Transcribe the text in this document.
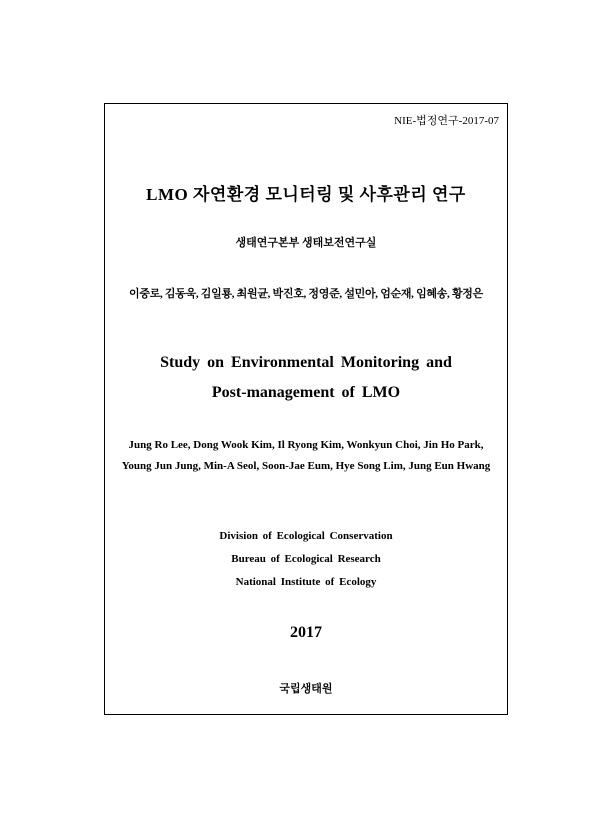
NIE-법정연구-2017-07
LMO 자연환경 모니터링 및 사후관리 연구
생태연구본부 생태보전연구실
이중로, 김동욱, 김일룡, 최원균, 박진호, 정영준, 설민아, 엄순재, 임혜송, 황정은
Study on Environmental Monitoring and
Post-management of LMO
Jung Ro Lee, Dong Wook Kim, Il Ryong Kim, Wonkyun Choi, Jin Ho Park,
Young Jun Jung, Min-A Seol, Soon-Jae Eum, Hye Song Lim, Jung Eun Hwang
Division of Ecological Conservation
Bureau of Ecological Research
National Institute of Ecology
2017
국립생태원
